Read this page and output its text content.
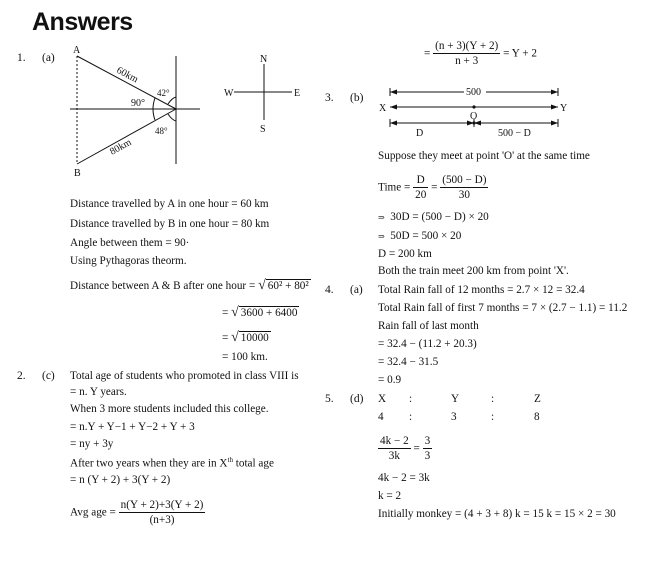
Answers
1. (a)
A
B
60km
80km
90°
42°
48°
N
S
E
W
Distance travelled by A in one hour = 60 km
Distance travelled by B in one hour = 80 km
Angle between them = 90·
Using Pythagoras theorm.
Distance between A & B after one hour = √ 60² + 80²
= √ 3600 + 6400
= √ 10000
= 100 km.
2. (c) Total age of students who promoted in class VIII is
= n. Y years.
When 3 more students included this college.
= n.Y + Y−1 + Y−2 + Y + 3
= ny + 3y
After two years when they are in Xth total age
= n (Y + 2) + 3(Y + 2)
Avg age = $\frac{n(Y + 2)+3(Y + 2)}{(n+3)}$
= $\frac{(n + 3)(Y + 2)}{n + 3} = Y + 2$
3. (b)	500
X	Y
O
D	500 − D
Suppose they meet at point 'O' at the same time
Time = $\frac{D}{20} = \frac{(500 - D)}{30}$
⇒ 30D = (500 − D) × 20
⇒ 50D = 500 × 20
D = 200 km
Both the train meet 200 km from point 'X'.
4. (a) Total Rain fall of 12 months = 2.7 × 12 = 32.4
Total Rain fall of first 7 months = 7 × (2.7 − 1.1) = 11.2
Rain fall of last month
= 32.4 − (11.2 + 20.3)
= 32.4 − 31.5
= 0.9
5. (d) X :	Y	:	Z
4 :	3	:	8
$\frac{4k - 2}{3k} = \frac{3}{3}$
4k − 2 = 3k
k = 2
Initially monkey = (4 + 3 + 8) k = 15 k = 15 × 2 = 30
